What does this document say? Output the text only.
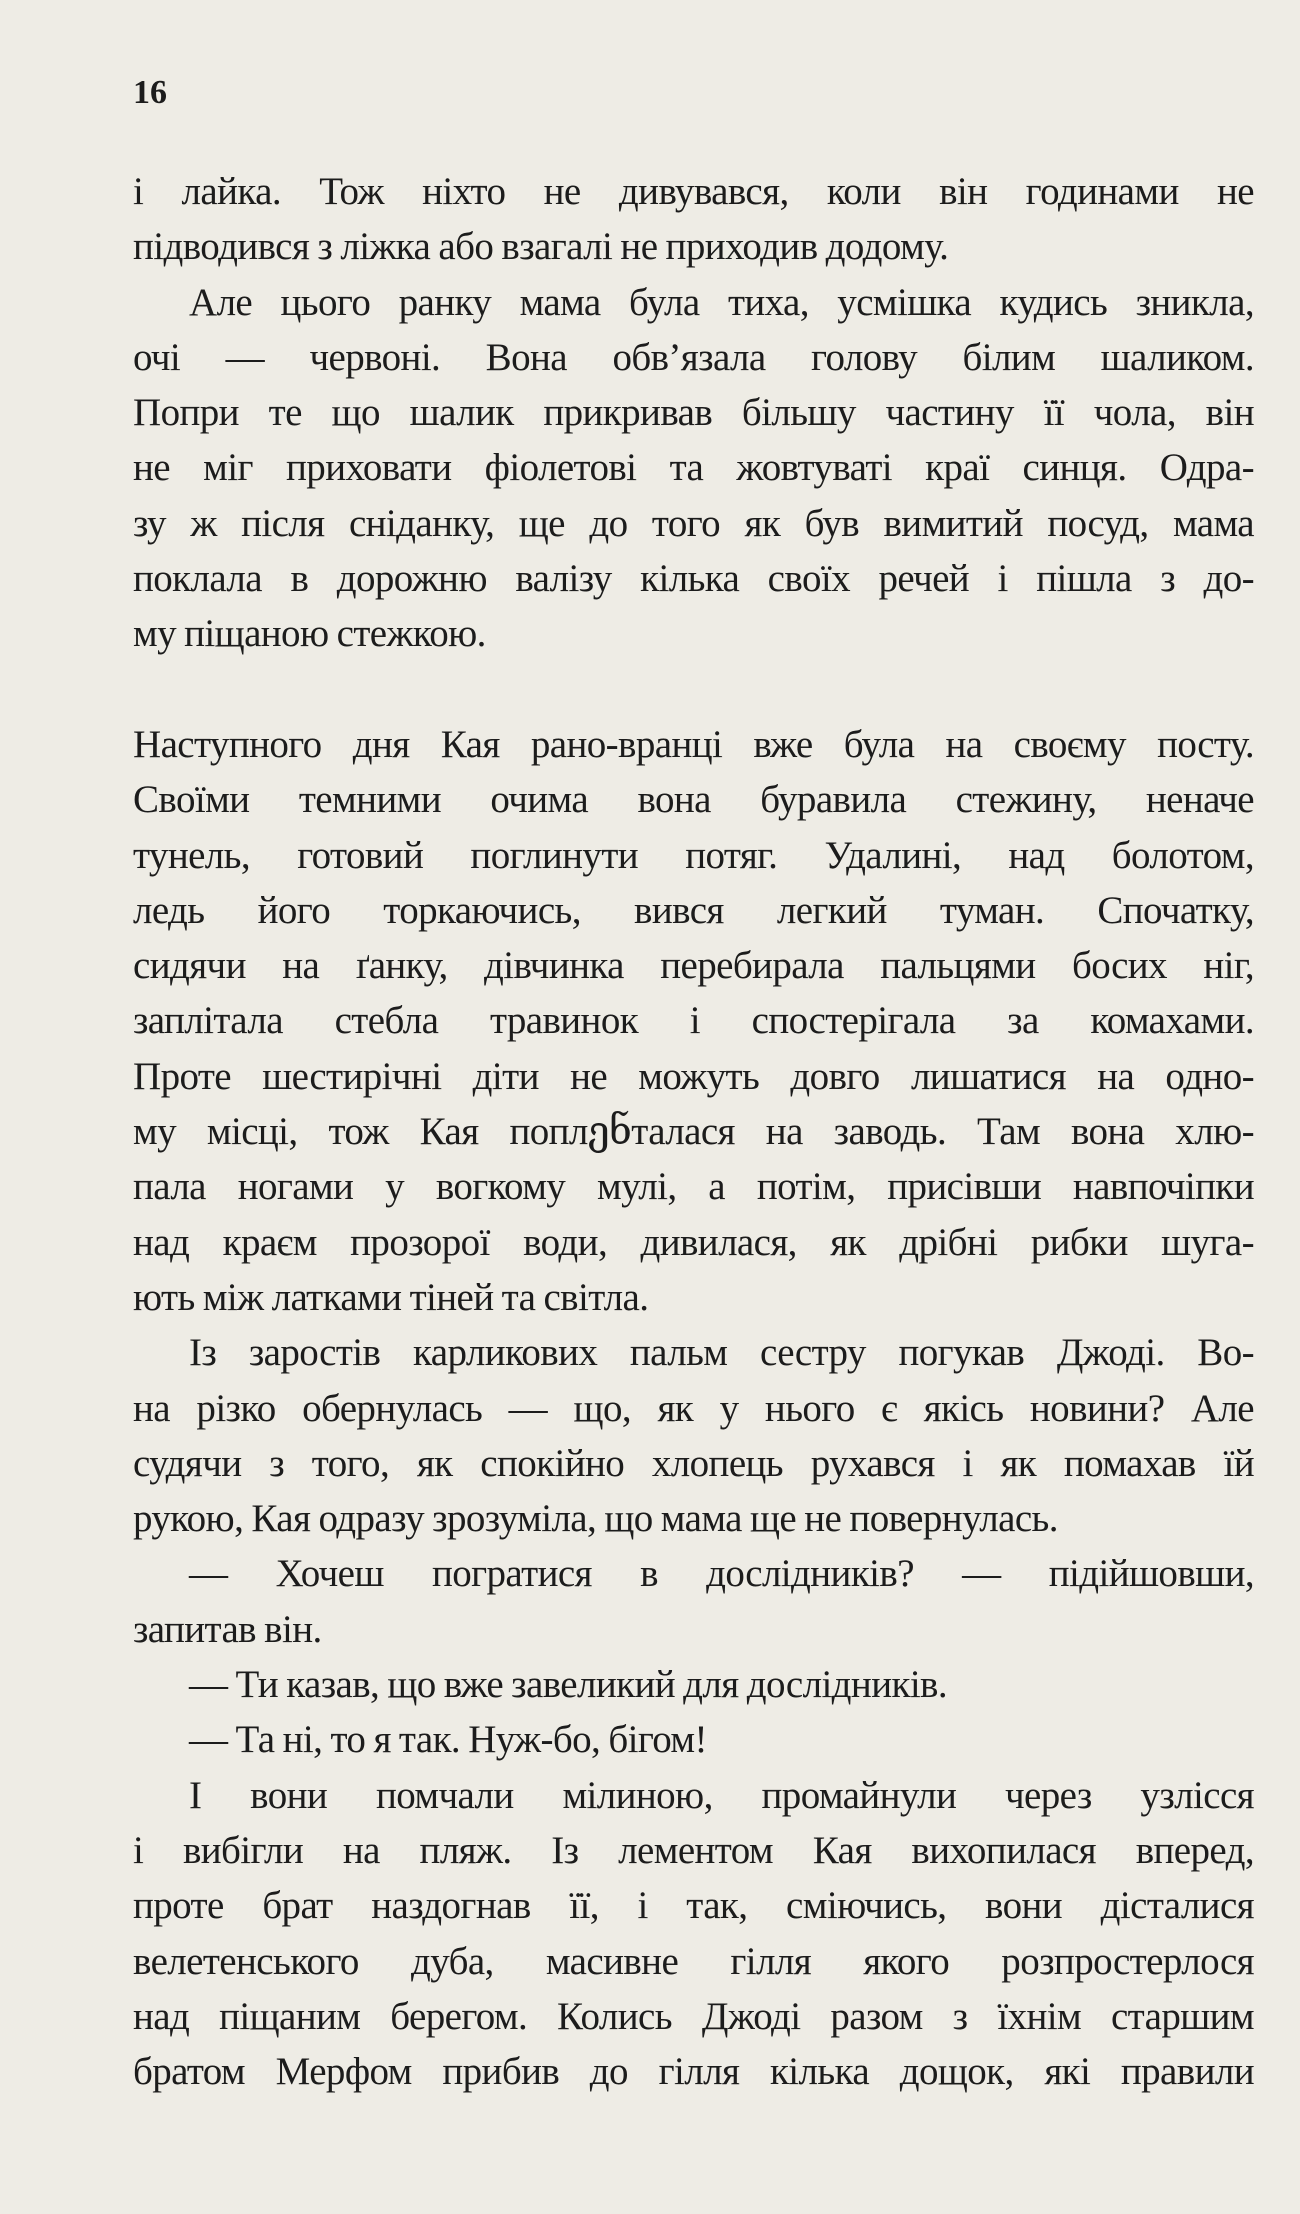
16
і лайка. Тож ніхто не дивувався, коли він годинами не
підводився з ліжка або взагалі не приходив додому.
Але цього ранку мама була тиха, усмішка кудись зникла,
очі — червоні. Вона обв’язала голову білим шаликом.
Попри те що шалик прикривав більшу частину її чола, він
не міг приховати фіолетові та жовтуваті краї синця. Одра-
зу ж після сніданку, ще до того як був вимитий посуд, мама
поклала в дорожню валізу кілька своїх речей і пішла з до-
му піщаною стежкою.
Наступного дня Кая рано-вранці вже була на своєму посту.
Своїми темними очима вона буравила стежину, неначе
тунель, готовий поглинути потяг. Удалині, над болотом,
ледь його торкаючись, вився легкий туман. Спочатку,
сидячи на ґанку, дівчинка перебирала пальцями босих ніг,
заплітала стебла травинок і спостерігала за комахами.
Проте шестирічні діти не можуть довго лишатися на одно-
му місці, тож Кая поплენталася на заводь. Там вона хлю-
пала ногами у вогкому мулі, а потім, присівши навпочіпки
над краєм прозорої води, дивилася, як дрібні рибки шуга-
ють між латками тіней та світла.
Із заростів карликових пальм сестру погукав Джоді. Во-
на різко обернулась — що, як у нього є якісь новини? Але
судячи з того, як спокійно хлопець рухався і як помахав їй
рукою, Кая одразу зрозуміла, що мама ще не повернулась.
— Хочеш погратися в дослідників? — підійшовши,
запитав він.
— Ти казав, що вже завеликий для дослідників.
— Та ні, то я так. Нуж-бо, бігом!
І вони помчали мілиною, промайнули через узлісся
і вибігли на пляж. Із лементом Кая вихопилася вперед,
проте брат наздогнав її, і так, сміючись, вони дісталися
велетенського дуба, масивне гілля якого розпростерлося
над піщаним берегом. Колись Джоді разом з їхнім старшим
братом Мерфом прибив до гілля кілька дощок, які правили
